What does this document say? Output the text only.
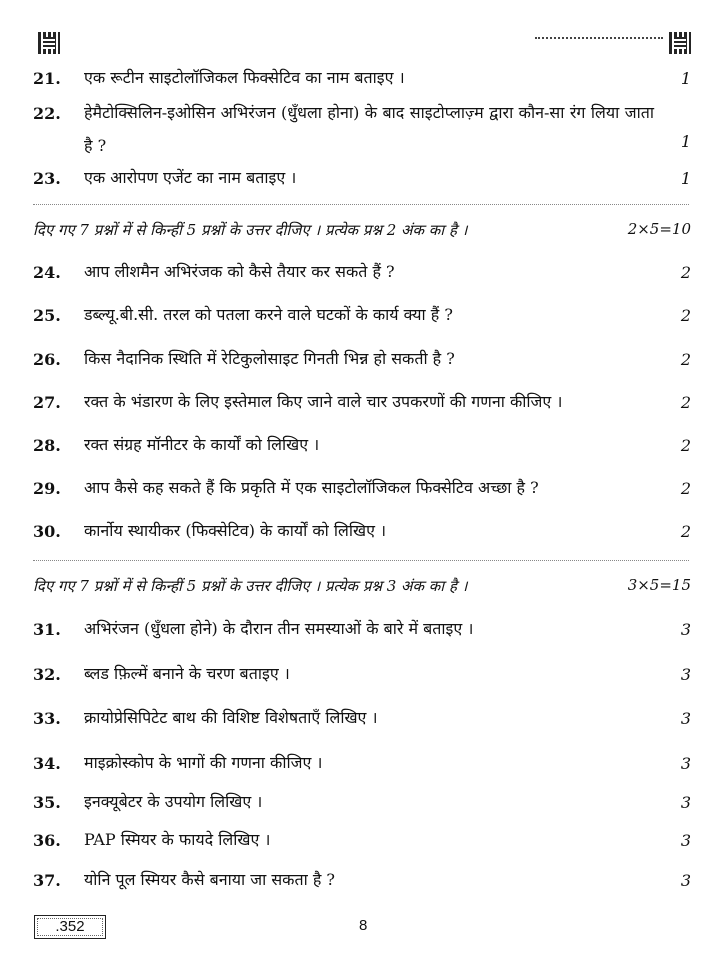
21. एक रूटीन साइटोलॉजिकल फिक्सेटिव का नाम बताइए ।	1
22. हेमैटोक्सिलिन-इओसिन अभिरंजन (धुँधला होना) के बाद साइटोप्लाज़्म द्वारा कौन-सा रंग लिया जाता है ?	1
23. एक आरोपण एजेंट का नाम बताइए ।	1
दिए गए 7 प्रश्नों में से किन्हीं 5 प्रश्नों के उत्तर दीजिए । प्रत्येक प्रश्न 2 अंक का है ।	2×5=10
24. आप लीशमैन अभिरंजक को कैसे तैयार कर सकते हैं ?	2
25. डब्ल्यू.बी.सी. तरल को पतला करने वाले घटकों के कार्य क्या हैं ?	2
26. किस नैदानिक स्थिति में रेटिकुलोसाइट गिनती भिन्न हो सकती है ?	2
27. रक्त के भंडारण के लिए इस्तेमाल किए जाने वाले चार उपकरणों की गणना कीजिए ।	2
28. रक्त संग्रह मॉनीटर के कार्यों को लिखिए ।	2
29. आप कैसे कह सकते हैं कि प्रकृति में एक साइटोलॉजिकल फिक्सेटिव अच्छा है ?	2
30. कार्नोय स्थायीकर (फिक्सेटिव) के कार्यों को लिखिए ।	2
दिए गए 7 प्रश्नों में से किन्हीं 5 प्रश्नों के उत्तर दीजिए । प्रत्येक प्रश्न 3 अंक का है ।	3×5=15
31. अभिरंजन (धुँधला होने) के दौरान तीन समस्याओं के बारे में बताइए ।	3
32. ब्लड फ़िल्में बनाने के चरण बताइए ।	3
33. क्रायोप्रेसिपिटेट बाथ की विशिष्ट विशेषताएँ लिखिए ।	3
34. माइक्रोस्कोप के भागों की गणना कीजिए ।	3
35. इनक्यूबेटर के उपयोग लिखिए ।	3
36. PAP स्मियर के फायदे लिखिए ।	3
37. योनि पूल स्मियर कैसे बनाया जा सकता है ?	3
.352	8
